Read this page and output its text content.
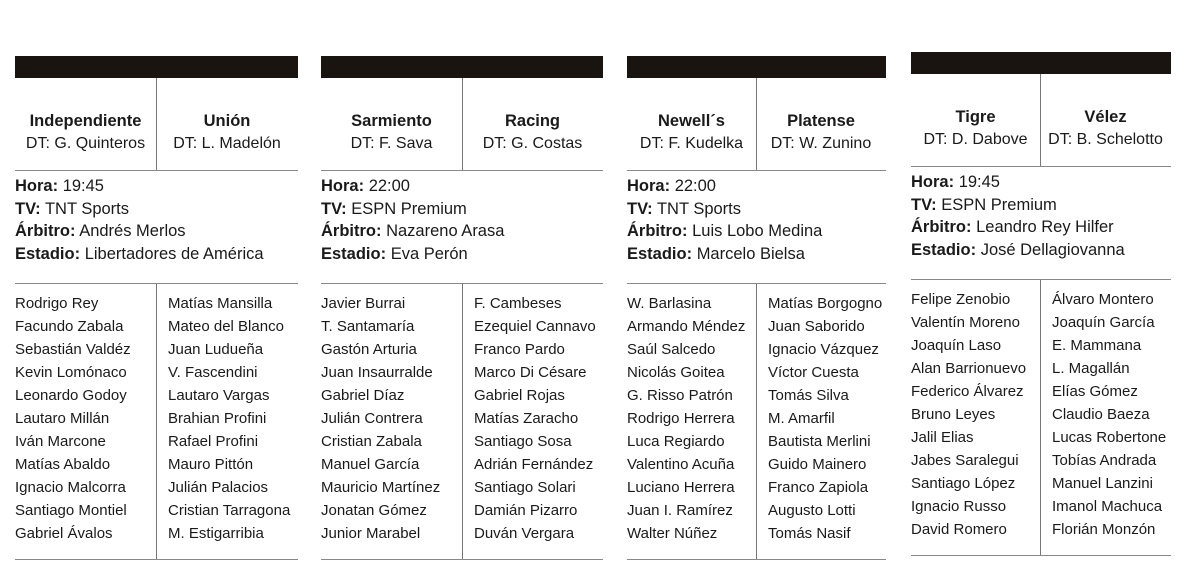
Independiente
DT: G. Quinteros
Unión
DT: L. Madelón
Hora: 19:45
TV: TNT Sports
Árbitro: Andrés Merlos
Estadio: Libertadores de América
Rodrigo Rey
Facundo Zabala
Sebastián Valdéz
Kevin Lomónaco
Leonardo Godoy
Lautaro Millán
Iván Marcone
Matías Abaldo
Ignacio Malcorra
Santiago Montiel
Gabriel Ávalos
Matías Mansilla
Mateo del Blanco
Juan Ludueña
V. Fascendini
Lautaro Vargas
Brahian Profini
Rafael Profini
Mauro Pittón
Julián Palacios
Cristian Tarragona
M. Estigarribia
Sarmiento
DT: F. Sava
Racing
DT: G. Costas
Hora: 22:00
TV: ESPN Premium
Árbitro: Nazareno Arasa
Estadio: Eva Perón
Javier Burrai
T. Santamaría
Gastón Arturia
Juan Insaurralde
Gabriel Díaz
Julián Contrera
Cristian Zabala
Manuel García
Mauricio Martínez
Jonatan Gómez
Junior Marabel
F. Cambeses
Ezequiel Cannavo
Franco Pardo
Marco Di Césare
Gabriel Rojas
Matías Zaracho
Santiago Sosa
Adrián Fernández
Santiago Solari
Damián Pizarro
Duván Vergara
Newell´s
DT: F. Kudelka
Platense
DT: W. Zunino
Hora: 22:00
TV: TNT Sports
Árbitro: Luis Lobo Medina
Estadio: Marcelo Bielsa
W. Barlasina
Armando Méndez
Saúl Salcedo
Nicolás Goitea
G. Risso Patrón
Rodrigo Herrera
Luca Regiardo
Valentino Acuña
Luciano Herrera
Juan I. Ramírez
Walter Núñez
Matías Borgogno
Juan Saborido
Ignacio Vázquez
Víctor Cuesta
Tomás Silva
M. Amarfil
Bautista Merlini
Guido Mainero
Franco Zapiola
Augusto Lotti
Tomás Nasif
Tigre
DT: D. Dabove
Vélez
DT: B. Schelotto
Hora: 19:45
TV: ESPN Premium
Árbitro: Leandro Rey Hilfer
Estadio: José Dellagiovanna
Felipe Zenobio
Valentín Moreno
Joaquín Laso
Alan Barrionuevo
Federico Álvarez
Bruno Leyes
Jalil Elias
Jabes Saralegui
Santiago López
Ignacio Russo
David Romero
Álvaro Montero
Joaquín García
E. Mammana
L. Magallán
Elías Gómez
Claudio Baeza
Lucas Robertone
Tobías Andrada
Manuel Lanzini
Imanol Machuca
Florián Monzón
